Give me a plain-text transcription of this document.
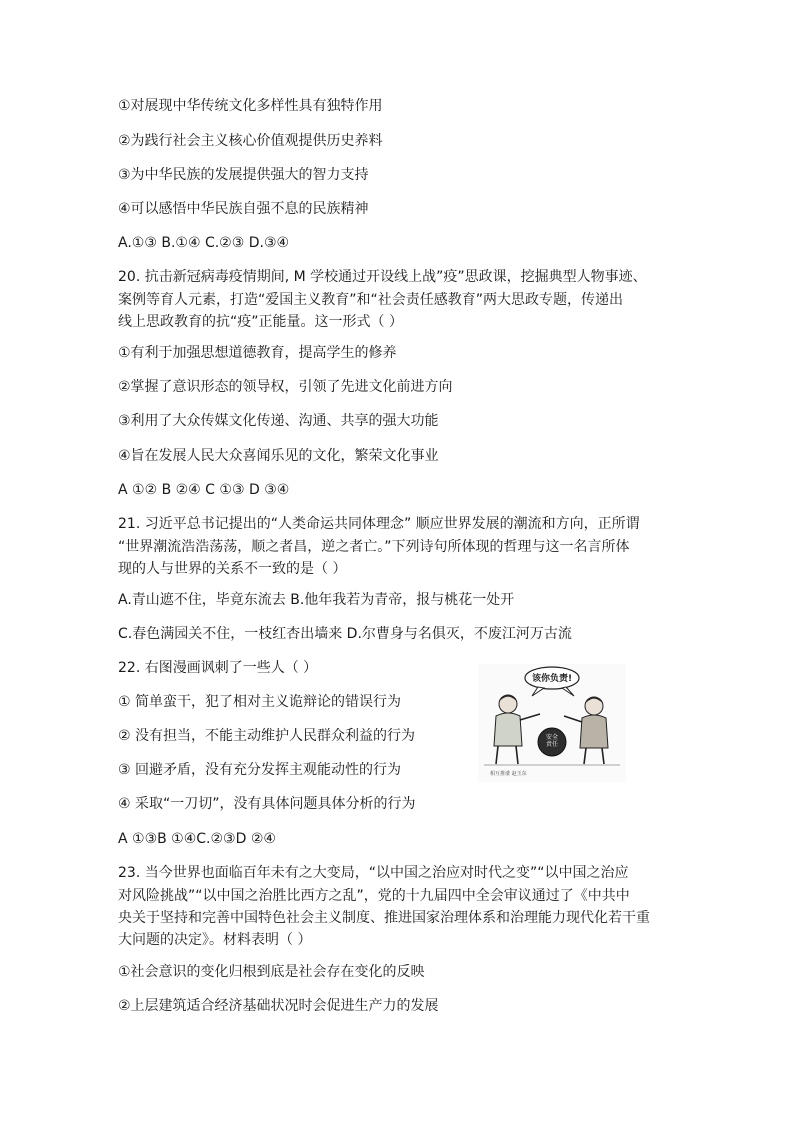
①对展现中华传统文化多样性具有独特作用
②为践行社会主义核心价值观提供历史养料
③为中华民族的发展提供强大的智力支持
④可以感悟中华民族自强不息的民族精神
A.①③ B.①④ C.②③ D.③④
20. 抗击新冠病毒疫情期间, M 学校通过开设线上战”疫”思政课，挖掘典型人物事迹、
案例等育人元素，打造“爱国主义教育”和“社会责任感教育”两大思政专题，传递出
线上思政教育的抗“疫”正能量。这一形式（ ）
①有利于加强思想道德教育，提高学生的修养
②掌握了意识形态的领导权，引领了先进文化前进方向
③利用了大众传媒文化传递、沟通、共享的强大功能
④旨在发展人民大众喜闻乐见的文化，繁荣文化事业
A ①② B ②④ C ①③ D ③④
21. 习近平总书记提出的“人类命运共同体理念” 顺应世界发展的潮流和方向，正所谓
“世界潮流浩浩荡荡，顺之者昌，逆之者亡。”下列诗句所体现的哲理与这一名言所体
现的人与世界的关系不一致的是（ ）
A.青山遮不住，毕竟东流去 B.他年我若为青帝，报与桃花一处开
C.春色满园关不住，一枝红杏出墙来 D.尔曹身与名俱灭，不废江河万古流
22. 右图漫画讽刺了一些人（ ）
① 简单蛮干，犯了相对主义诡辩论的错误行为
② 没有担当，不能主动维护人民群众利益的行为
③ 回避矛盾，没有充分发挥主观能动性的行为
④ 采取“一刀切”，没有具体问题具体分析的行为
A ①③B ①④C.②③D ②④
该你负责!
安全
责任
相互推诿 赵玉东
23. 当今世界也面临百年未有之大变局，“以中国之治应对时代之变”“以中国之治应
对风险挑战”“以中国之治胜比西方之乱”，党的十九届四中全会审议通过了《中共中
央关于坚持和完善中国特色社会主义制度、推进国家治理体系和治理能力现代化若干重
大问题的决定》。材料表明（ ）
①社会意识的变化归根到底是社会存在变化的反映
②上层建筑适合经济基础状况时会促进生产力的发展
